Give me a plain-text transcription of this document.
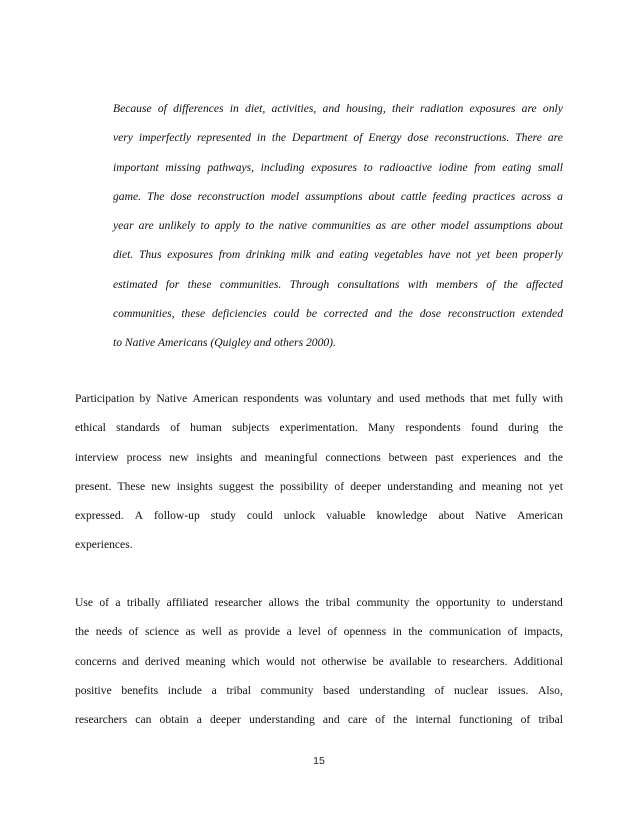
Because of differences in diet, activities, and housing, their radiation exposures are only
very imperfectly represented in the Department of Energy dose reconstructions. There are
important missing pathways, including exposures to radioactive iodine from eating small
game. The dose reconstruction model assumptions about cattle feeding practices across a
year are unlikely to apply to the native communities as are other model assumptions about
diet. Thus exposures from drinking milk and eating vegetables have not yet been properly
estimated for these communities. Through consultations with members of the affected
communities, these deficiencies could be corrected and the dose reconstruction extended
to Native Americans (Quigley and others 2000).
Participation by Native American respondents was voluntary and used methods that met fully with
ethical standards of human subjects experimentation. Many respondents found during the
interview process new insights and meaningful connections between past experiences and the
present. These new insights suggest the possibility of deeper understanding and meaning not yet
expressed. A follow-up study could unlock valuable knowledge about Native American
experiences.
Use of a tribally affiliated researcher allows the tribal community the opportunity to understand
the needs of science as well as provide a level of openness in the communication of impacts,
concerns and derived meaning which would not otherwise be available to researchers. Additional
positive benefits include a tribal community based understanding of nuclear issues. Also,
researchers can obtain a deeper understanding and care of the internal functioning of tribal
15
